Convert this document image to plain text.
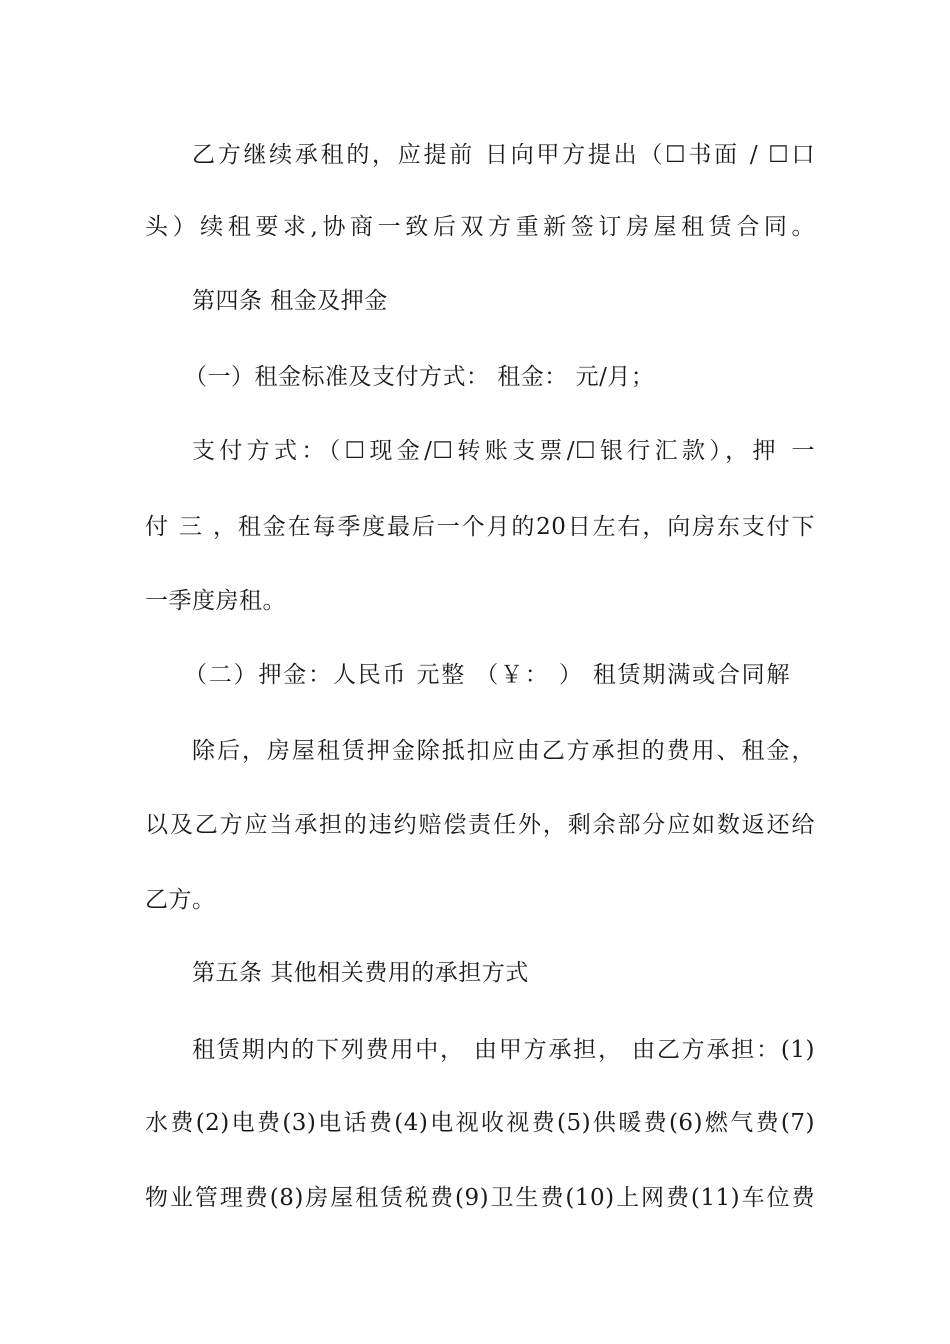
乙方继续承租的，应提前 日向甲方提出（☐书面 / ☐口
头）续租要求,协商一致后双方重新签订房屋租赁合同。
第四条 租金及押金
（一）租金标准及支付方式： 租金： 元/月；
支付方式：（☐现金/☐转账支票/☐银行汇款），押 一
付 三 ，租金在每季度最后一个月的20日左右，向房东支付下
一季度房租。
（二）押金：人民币 元整 （￥： ） 租赁期满或合同解
除后，房屋租赁押金除抵扣应由乙方承担的费用、租金，
以及乙方应当承担的违约赔偿责任外，剩余部分应如数返还给
乙方。
第五条 其他相关费用的承担方式
租赁期内的下列费用中， 由甲方承担， 由乙方承担：(1)
水费(2)电费(3)电话费(4)电视收视费(5)供暖费(6)燃气费(7)
物业管理费(8)房屋租赁税费(9)卫生费(10)上网费(11)车位费
